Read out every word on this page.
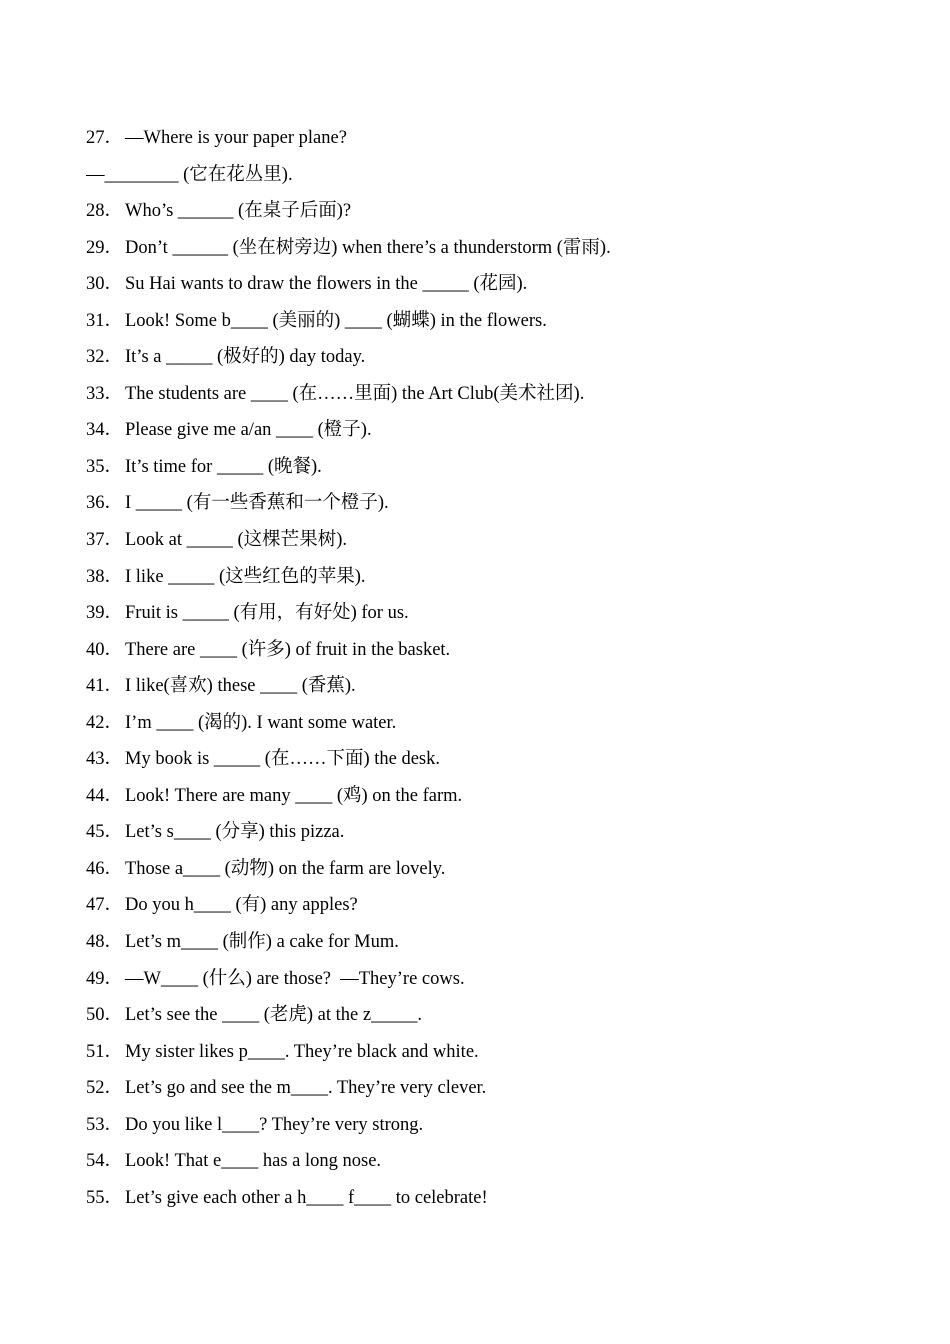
27． —Where is your paper plane?
—________ (它在花丛里).
28． Who’s ______ (在桌子后面)?
29． Don’t ______ (坐在树旁边) when there’s a thunderstorm (雷雨).
30． Su Hai wants to draw the flowers in the _____ (花园).
31． Look! Some b____ (美丽的) ____ (蝴蝶) in the flowers.
32． It’s a _____ (极好的) day today.
33． The students are ____ (在……里面) the Art Club(美术社团).
34． Please give me a/an ____ (橙子).
35． It’s time for _____ (晚餐).
36． I _____ (有一些香蕉和一个橙子).
37． Look at _____ (这棵芒果树).
38． I like _____ (这些红色的苹果).
39． Fruit is _____ (有用，有好处) for us.
40． There are ____ (许多) of fruit in the basket.
41． I like(喜欢) these ____ (香蕉).
42． I’m ____ (渴的). I want some water.
43． My book is _____ (在……下面) the desk.
44． Look! There are many ____ (鸡) on the farm.
45． Let’s s____ (分享) this pizza.
46． Those a____ (动物) on the farm are lovely.
47． Do you h____ (有) any apples?
48． Let’s m____ (制作) a cake for Mum.
49． —W____ (什么) are those?  —They’re cows.
50． Let’s see the ____ (老虎) at the z_____.
51． My sister likes p____. They’re black and white.
52． Let’s go and see the m____. They’re very clever.
53． Do you like l____? They’re very strong.
54． Look! That e____ has a long nose.
55． Let’s give each other a h____ f____ to celebrate!
